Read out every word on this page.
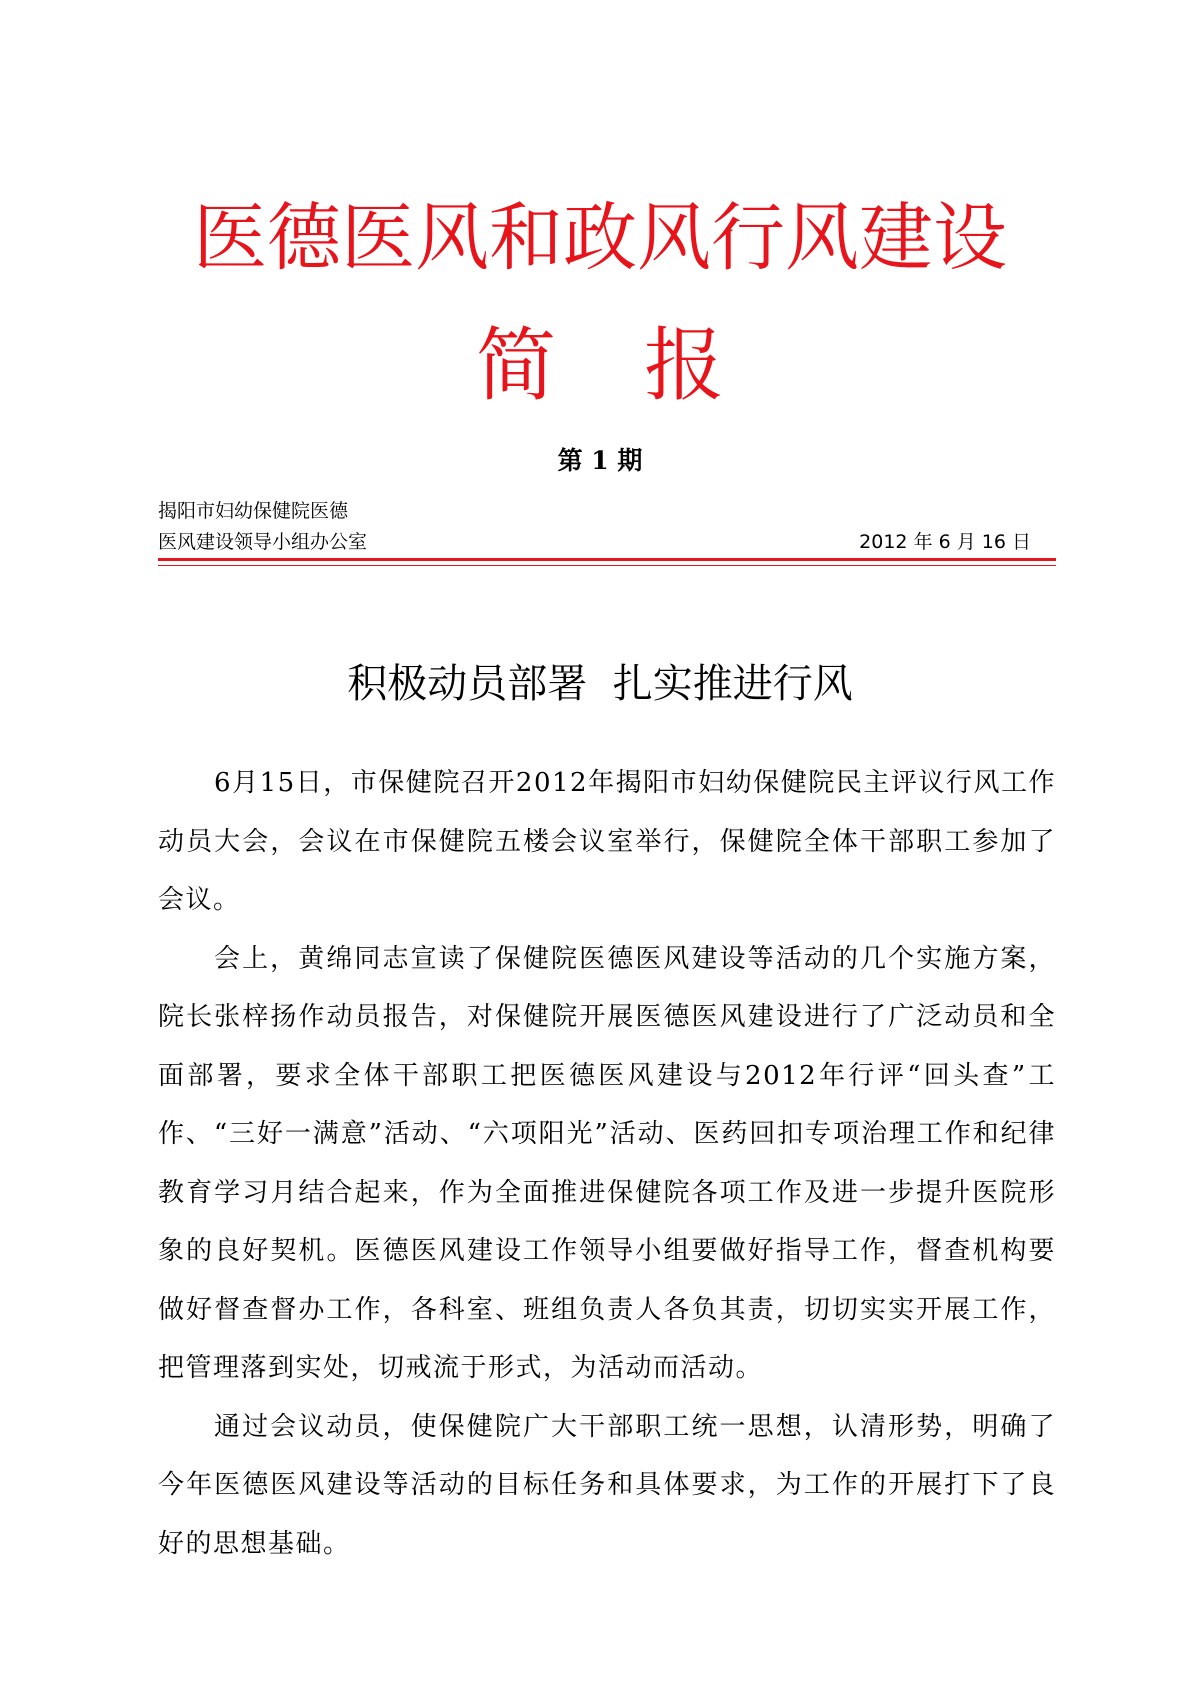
医德医风和政风行风建设
简报
第 1 期
揭阳市妇幼保健院医德
医风建设领导小组办公室	2012 年 6 月 16 日
积极动员部署  扎实推进行风

6月15日，市保健院召开2012年揭阳市妇幼保健院民主评议行风工作动员大会，会议在市保健院五楼会议室举行，保健院全体干部职工参加了会议。

会上，黄绵同志宣读了保健院医德医风建设等活动的几个实施方案，院长张梓扬作动员报告，对保健院开展医德医风建设进行了广泛动员和全面部署，要求全体干部职工把医德医风建设与2012年行评“回头查”工作、“三好一满意”活动、“六项阳光”活动、医药回扣专项治理工作和纪律教育学习月结合起来，作为全面推进保健院各项工作及进一步提升医院形象的良好契机。医德医风建设工作领导小组要做好指导工作，督查机构要做好督查督办工作，各科室、班组负责人各负其责，切切实实开展工作，把管理落到实处，切戒流于形式，为活动而活动。

通过会议动员，使保健院广大干部职工统一思想，认清形势，明确了今年医德医风建设等活动的目标任务和具体要求，为工作的开展打下了良好的思想基础。
